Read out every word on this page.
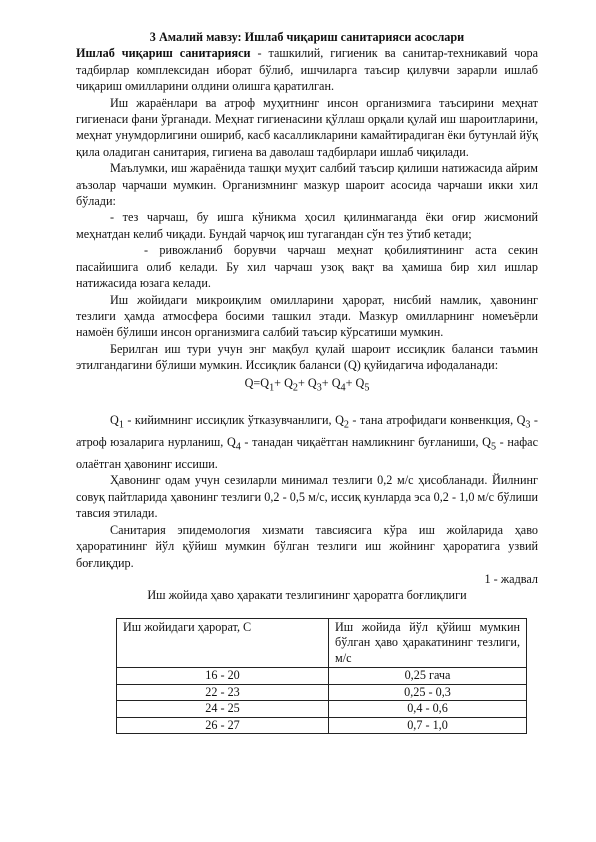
3 Амалий мавзу: Ишлаб чиқариш санитарияси асослари

Ишлаб чиқариш санитарияси - ташкилий, гигиеник ва санитар-техникавий чора тадбирлар комплексидан иборат бўлиб, ишчиларга таъсир қилувчи зарарли ишлаб чиқариш омилларини олдини олишга қаратилган.

Иш жараёнлари ва атроф муҳитнинг инсон организмига таъсирини меҳнат гигиенаси фани ўрганади. Меҳнат гигиенасини қўллаш орқали қулай иш шароитларини, меҳнат унумдорлигини ошириб, касб касалликларини камайтирадиган ёки бутунлай йўқ қила оладиган санитария, гигиена ва даволаш тадбирлари ишлаб чиқилади.

Маълумки, иш жараёнида ташқи муҳит салбий таъсир қилиши натижасида айрим аъзолар чарчаши мумкин. Организмнинг мазкур шароит асосида чарчаши икки хил бўлади:

- тез чарчаш, бу ишга кўникма ҳосил қилинмаганда ёки оғир жисмоний меҳнатдан келиб чиқади. Бундай чарчоқ иш тугагандан сўн тез ўтиб кетади;

- ривожланиб борувчи чарчаш меҳнат қобилиятининг аста секин пасайишига олиб келади. Бу хил чарчаш узоқ вақт ва ҳамиша бир хил ишлар натижасида юзага келади.

Иш жойидаги микроиқлим омилларини ҳарорат, нисбий намлик, ҳавонинг тезлиги ҳамда атмосфера босими ташкил этади. Мазкур омилларнинг номеъёрли намоён бўлиши инсон организмига салбий таъсир кўрсатиши мумкин.

Берилган иш тури учун энг мақбул қулай шароит иссиқлик баланси таъмин этилгандагини бўлиши мумкин. Иссиқлик баланси (Q) қуйидагича ифодаланади:

$Q=Q_1+ Q_2+ Q_3+ Q_4+ Q_5$

$Q_1$ - кийимнинг иссиқлик ўтказувчанлиги, $Q_2$ - тана атрофидаги конвенкция, $Q_3$ - атроф юзаларига нурланиш, $Q_4$ - танадан чиқаётган намликнинг буғланиши, $Q_5$ - нафас олаётган ҳавонинг иссиши.

Ҳавонинг одам учун сезиларли минимал тезлиги 0,2 м/с ҳисобланади. Йилнинг совуқ пайтларида ҳавонинг тезлиги 0,2 - 0,5 м/с, иссиқ кунларда эса 0,2 - 1,0 м/с бўлиши тавсия этилади.

Санитария эпидемология хизмати тавсиясига кўра иш жойларида ҳаво ҳароратининг йўл қўйиш мумкин бўлган тезлиги иш жойнинг ҳароратига узвий боғлиқдир.

1 - жадвал

Иш жойида ҳаво ҳаракати тезлигининг ҳароратга боғлиқлиги

Иш жойидаги ҳарорат, С	Иш жойида йўл қўйиш мумкин бўлган ҳаво ҳаракатининг тезлиги, м/с
16 - 20	0,25 гача
22 - 23	0,25 - 0,3
24 - 25	0,4 - 0,6
26 - 27	0,7 - 1,0
